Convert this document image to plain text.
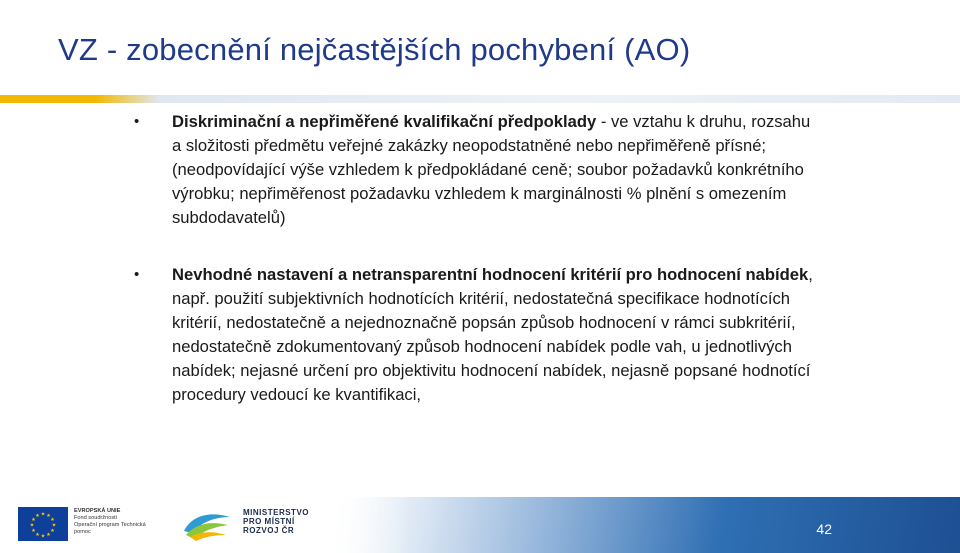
VZ - zobecnění nejčastějších pochybení (AO)
• Diskriminační a nepřiměřené kvalifikační předpoklady - ve vztahu k druhu, rozsahu a složitosti předmětu veřejné zakázky neopodstatněné nebo nepřiměřeně přísné; (neodpovídající výše vzhledem k předpokládané ceně; soubor požadavků konkrétního výrobku; nepřiměřenost požadavku vzhledem k marginálnosti % plnění s omezením subdodavatelů)
• Nevhodné nastavení a netransparentní hodnocení kritérií pro hodnocení nabídek, např. použití subjektivních hodnotících kritérií, nedostatečná specifikace hodnotících kritérií, nedostatečně a nejednoznačně popsán způsob hodnocení v rámci subkritérií, nedostatečně zdokumentovaný způsob hodnocení nabídek podle vah, u jednotlivých nabídek; nejasné určení pro objektivitu hodnocení nabídek, nejasně popsané hodnotící procedury vedoucí ke kvantifikaci,
★ ★
★
★
★
★
★
★
★
★
★
★
EVROPSKÁ UNIE
Fond soudržnosti
Operační program Technická pomoc
MINISTERSTVO
PRO MÍSTNÍ
ROZVOJ ČR	42
